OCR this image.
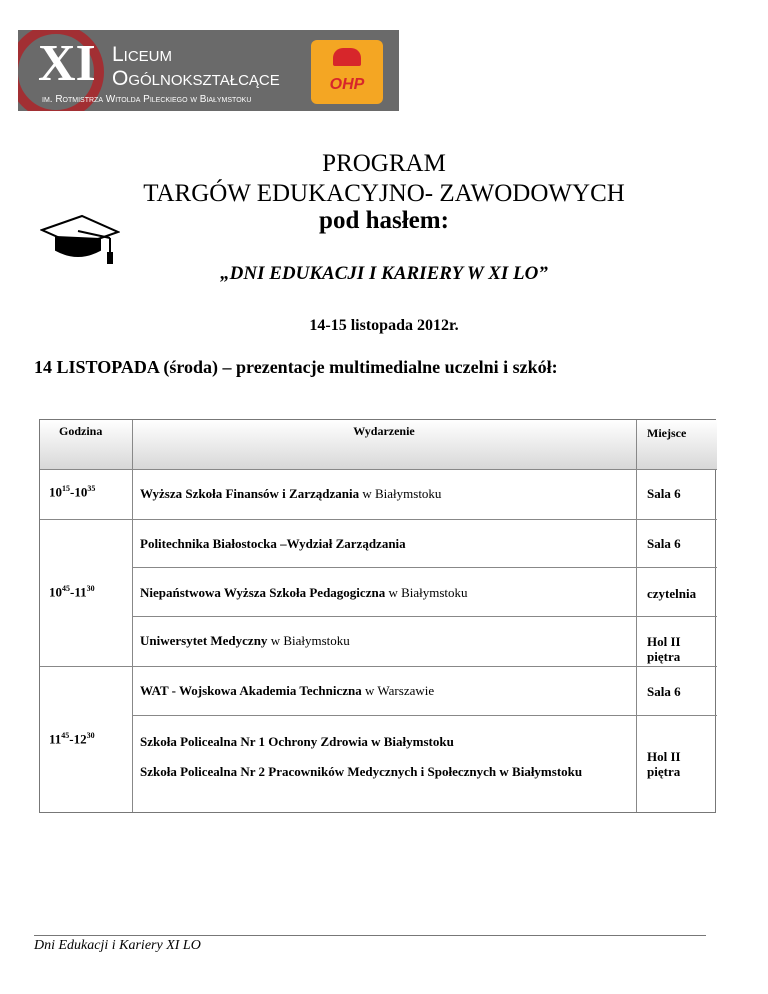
XI Liceum
Ogólnokształcące
im. Rotmistrza Witolda Pileckiego w Białymstoku
OHP
PROGRAM
TARGÓW EDUKACYJNO- ZAWODOWYCH
pod hasłem:
„DNI EDUKACJI I KARIERY W XI LO”
14-15 listopada 2012r.
14 LISTOPADA (środa) – prezentacje multimedialne uczelni i szkół:
Godzina	Wydarzenie	Miejsce
$10^{15}-10^{35}$
$10^{45}-11^{30}$
$11^{45}-12^{30}$
Wyższa Szkoła Finansów i Zarządzania w Białymstoku
Politechnika Białostocka –Wydział Zarządzania
Niepaństwowa Wyższa Szkoła Pedagogiczna w Białymstoku
Uniwersytet Medyczny w Białymstoku
WAT - Wojskowa Akademia Techniczna w Warszawie
Szkoła Policealna Nr 1 Ochrony Zdrowia w Białymstoku
Szkoła Policealna Nr 2 Pracowników Medycznych i Społecznych w Białymstoku
Sala 6
Sala 6
czytelnia
Hol II piętra
Sala 6
Hol II piętra
Dni Edukacji i Kariery XI LO
